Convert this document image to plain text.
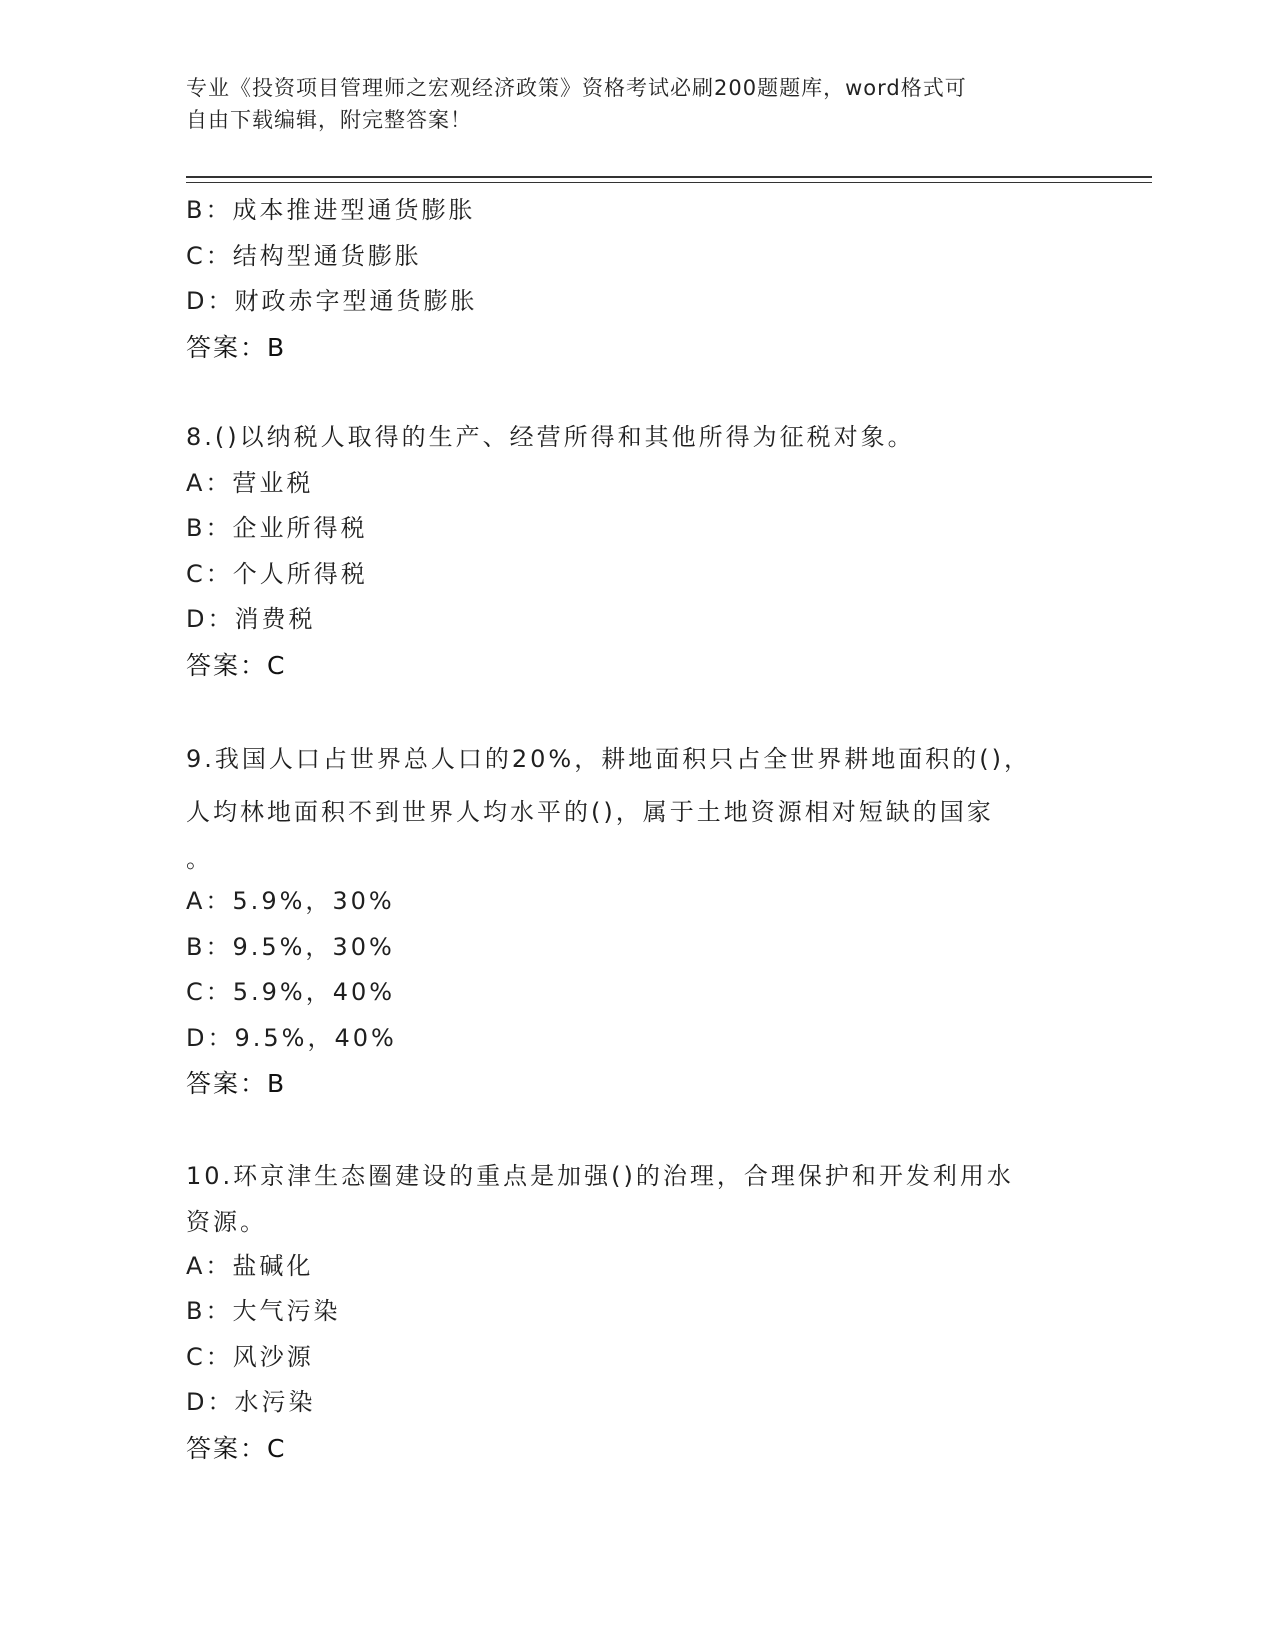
专业《投资项目管理师之宏观经济政策》资格考试必刷200题题库，word格式可
自由下载编辑，附完整答案！
B：成本推进型通货膨胀
C：结构型通货膨胀
D：财政赤字型通货膨胀
答案：B
8.()以纳税人取得的生产、经营所得和其他所得为征税对象。
A：营业税
B：企业所得税
C：个人所得税
D：消费税
答案：C
9.我国人口占世界总人口的20%，耕地面积只占全世界耕地面积的()，
人均林地面积不到世界人均水平的()，属于土地资源相对短缺的国家
。
A：5.9%，30%
B：9.5%，30%
C：5.9%，40%
D：9.5%，40%
答案：B
10.环京津生态圈建设的重点是加强()的治理，合理保护和开发利用水
资源。
A：盐碱化
B：大气污染
C：风沙源
D：水污染
答案：C
